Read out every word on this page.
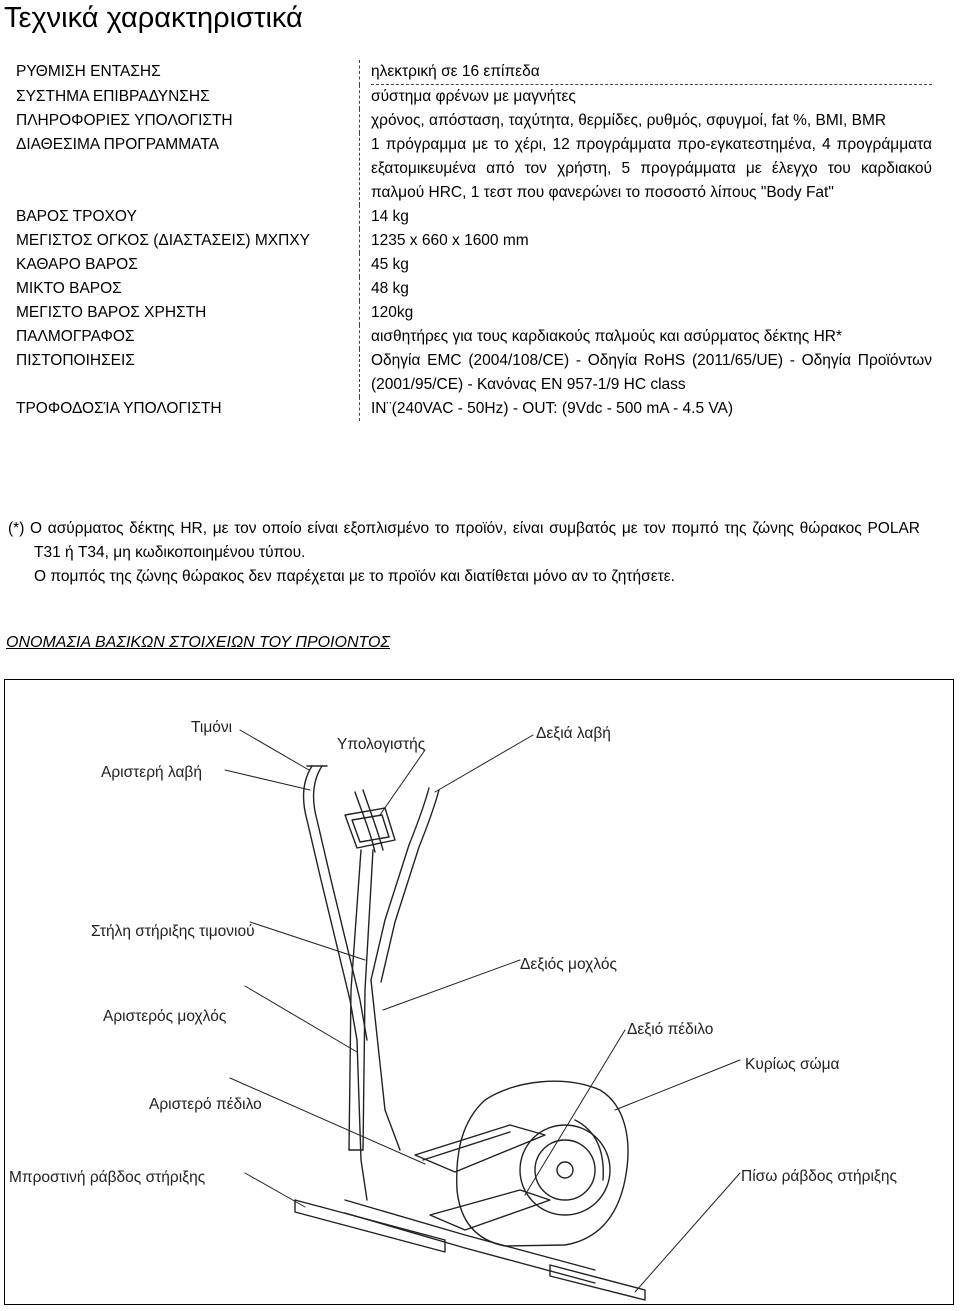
Τεχνικά χαρακτηριστικά
ΡΥΘΜΙΣΗ ΕΝΤΑΣΗΣ	ηλεκτρική σε 16 επίπεδα
ΣΥΣΤΗΜΑ ΕΠΙΒΡΑΔΥΝΣΗΣ	σύστημα φρένων με μαγνήτες
ΠΛΗΡΟΦΟΡΙΕΣ ΥΠΟΛΟΓΙΣΤΗ	χρόνος, απόσταση, ταχύτητα, θερμίδες, ρυθμός, σφυγμοί, fat %, BMI, BMR
ΔΙΑΘΕΣΙΜΑ ΠΡΟΓΡΑΜΜΑΤΑ	1 πρόγραμμα με το χέρι, 12 προγράμματα προ-εγκατεστημένα, 4 προγράμματα εξατομικευμένα από τον χρήστη, 5 προγράμματα με έλεγχο του καρδιακού παλμού HRC, 1 τεστ που φανερώνει το ποσοστό λίπους "Body Fat"
ΒΑΡΟΣ ΤΡΟΧΟΥ	14 kg
ΜΕΓΙΣΤΟΣ ΟΓΚΟΣ (ΔΙΑΣΤΑΣΕΙΣ) ΜΧΠΧΥ	1235 x 660 x 1600 mm
ΚΑΘΑΡΟ ΒΑΡΟΣ	45 kg
ΜΙΚΤΟ ΒΑΡΟΣ	48 kg
ΜΕΓΙΣΤΟ ΒΑΡΟΣ ΧΡΗΣΤΗ	120kg
ΠΑΛΜΟΓΡΑΦΟΣ	αισθητήρες για τους καρδιακούς παλμούς και ασύρματος δέκτης HR*
ΠΙΣΤΟΠΟΙΗΣΕΙΣ	Οδηγία EMC (2004/108/CE) - Οδηγία RoHS (2011/65/UE) - Οδηγία Προϊόντων (2001/95/CE) - Κανόνας EN 957-1/9 HC class
ΤΡΟΦΟΔΟΣΊΑ ΥΠΟΛΟΓΙΣΤΗ	IN¨(240VAC - 50Hz) - OUT: (9Vdc - 500 mA - 4.5 VA)
(*) Ο ασύρματος δέκτης HR, με τον οποίο είναι εξοπλισμένο το προϊόν, είναι συμβατός με τον πομπό της ζώνης θώρακος POLAR T31 ή T34, μη κωδικοποιημένου τύπου.
Ο πομπός της ζώνης θώρακος δεν παρέχεται με το προϊόν και διατίθεται μόνο αν το ζητήσετε.
ΟΝΟΜΑΣΙΑ ΒΑΣΙΚΩΝ ΣΤΟΙΧΕΙΩΝ ΤΟΥ ΠΡΟΙΟΝΤΟΣ
Τιμόνι
Υπολογιστής
Δεξιά λαβή
Αριστερή λαβή
Στήλη στήριξης τιμονιού
Δεξιός μοχλός
Αριστερός μοχλός
Δεξιό πέδιλο
Κυρίως σώμα
Αριστερό πέδιλο
Μπροστινή ράβδος στήριξης	Πίσω ράβδος στήριξης
